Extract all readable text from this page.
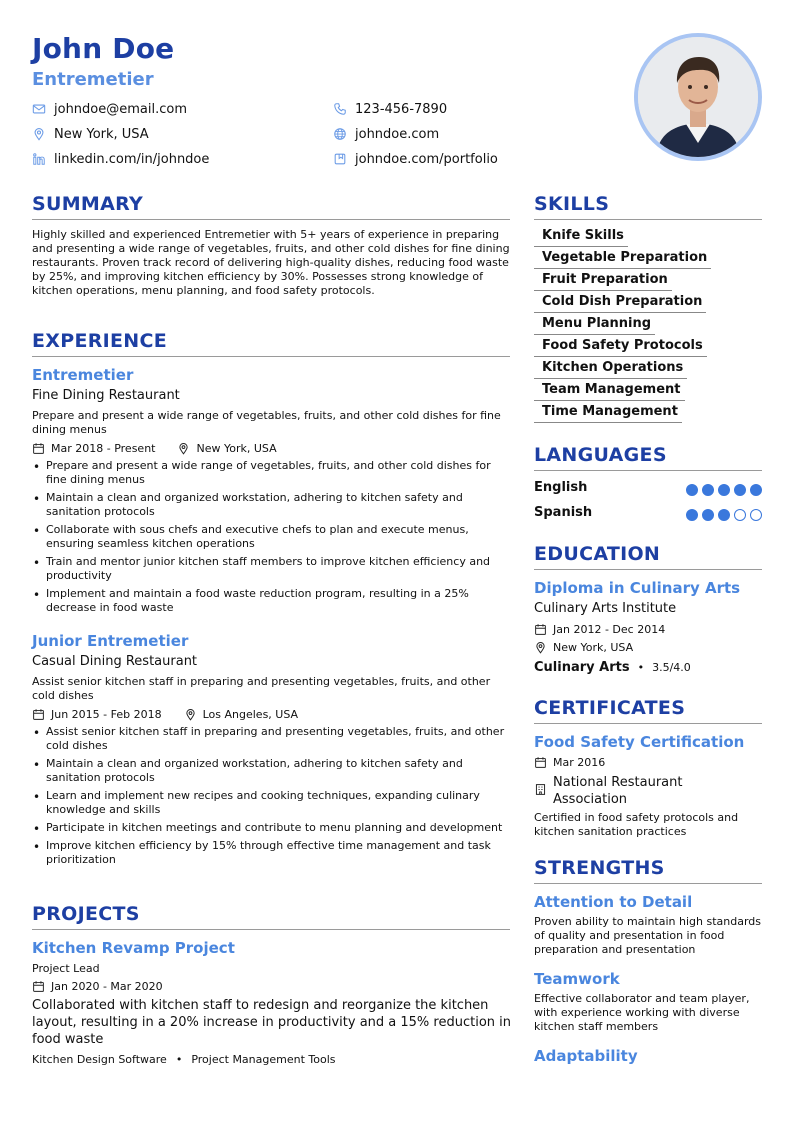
John Doe
Entremetier
johndoe@email.com	123-456-7890
New York, USA	johndoe.com
linkedin.com/in/johndoe	johndoe.com/portfolio
SUMMARY
Highly skilled and experienced Entremetier with 5+ years of experience in preparing and presenting a wide range of vegetables, fruits, and other cold dishes for fine dining restaurants. Proven track record of delivering high-quality dishes, reducing food waste by 25%, and improving kitchen efficiency by 30%. Possesses strong knowledge of kitchen operations, menu planning, and food safety protocols.
EXPERIENCE
Entremetier
Fine Dining Restaurant
Prepare and present a wide range of vegetables, fruits, and other cold dishes for fine dining menus
Mar 2018 - Present	New York, USA
• Prepare and present a wide range of vegetables, fruits, and other cold dishes for fine dining menus
• Maintain a clean and organized workstation, adhering to kitchen safety and sanitation protocols
• Collaborate with sous chefs and executive chefs to plan and execute menus, ensuring seamless kitchen operations
• Train and mentor junior kitchen staff members to improve kitchen efficiency and productivity
• Implement and maintain a food waste reduction program, resulting in a 25% decrease in food waste
Junior Entremetier
Casual Dining Restaurant
Assist senior kitchen staff in preparing and presenting vegetables, fruits, and other cold dishes
Jun 2015 - Feb 2018	Los Angeles, USA
• Assist senior kitchen staff in preparing and presenting vegetables, fruits, and other cold dishes
• Maintain a clean and organized workstation, adhering to kitchen safety and sanitation protocols
• Learn and implement new recipes and cooking techniques, expanding culinary knowledge and skills
• Participate in kitchen meetings and contribute to menu planning and development
• Improve kitchen efficiency by 15% through effective time management and task prioritization
PROJECTS
Kitchen Revamp Project
Project Lead
Jan 2020 - Mar 2020
Collaborated with kitchen staff to redesign and reorganize the kitchen layout, resulting in a 20% increase in productivity and a 15% reduction in food waste
Kitchen Design Software • Project Management Tools
SKILLS
Knife Skills
Vegetable Preparation
Fruit Preparation
Cold Dish Preparation
Menu Planning
Food Safety Protocols
Kitchen Operations
Team Management
Time Management
LANGUAGES
English
Spanish
EDUCATION
Diploma in Culinary Arts
Culinary Arts Institute
Jan 2012 - Dec 2014
New York, USA
Culinary Arts • 3.5/4.0
CERTIFICATES
Food Safety Certification
Mar 2016
National Restaurant Association
Certified in food safety protocols and kitchen sanitation practices
STRENGTHS
Attention to Detail
Proven ability to maintain high standards of quality and presentation in food preparation and presentation
Teamwork
Effective collaborator and team player, with experience working with diverse kitchen staff members
Adaptability
